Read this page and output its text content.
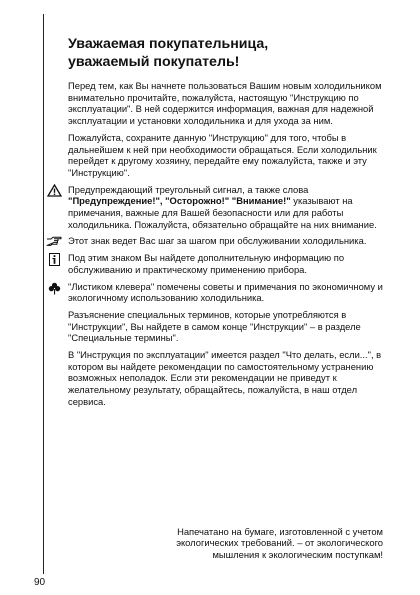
Уважаемая покупательница,
уважаемый покупатель!

Перед тем, как Вы начнете пользоваться Вашим новым холодильником внимательно прочитайте, пожалуйста, настоящую "Инструкцию по эксплуатации". В ней содержится информация, важная для надежной эксплуатации и установки холодильника и для ухода за ним.

Пожалуйста, сохраните данную "Инструкцию" для того, чтобы в дальнейшем к ней при необходимости обращаться. Если холодильник перейдет к другому хозяину, передайте ему пожалуйста, также и эту "Инструкцию".

Предупреждающий треугольный сигнал, а также слова "Предупреждение!", "Осторожно!" "Внимание!" указывают на примечания, важные для Вашей безопасности или для работы холодильника. Пожалуйста, обязательно обращайте на них внимание.

Этот знак ведет Вас шаг за шагом при обслуживании холодильника.

Под этим знаком Вы найдете дополнительную информацию по обслуживанию и практическому применению прибора.

"Листиком клевера" помечены советы и примечания по экономичному и экологичному использованию холодильника.

Разъяснение специальных терминов, которые употребляются в "Инструкции", Вы найдете в самом конце "Инструкции" – в разделе "Специальные термины".

В "Инструкция по эксплуатации" имеется раздел "Что делать, если...", в котором вы найдете рекомендации по самостоятельному устранению возможных неполадок. Если эти рекомендации не приведут к желательному результату, обращайтесь, пожалуйста, в наш отдел сервиса.

Напечатано на бумаге, изготовленной с учетом
экологических требований. – от экологического
мышления к экологическим поступкам!
90
